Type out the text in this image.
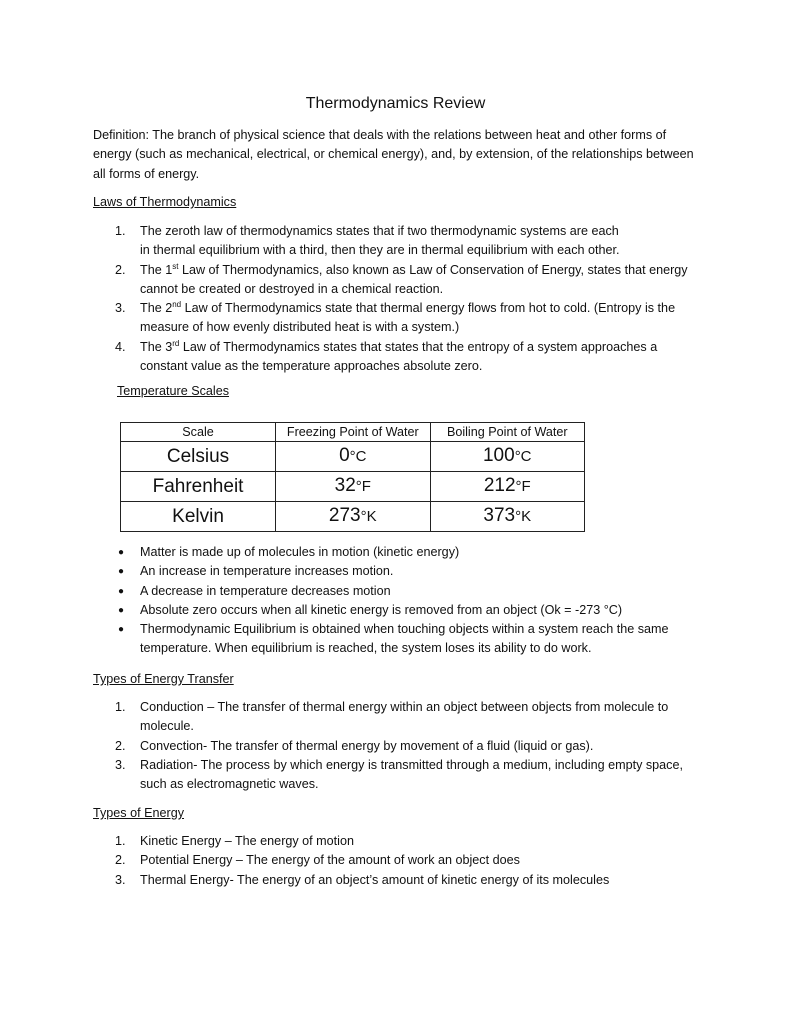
Thermodynamics Review
Definition: The branch of physical science that deals with the relations between heat and other forms of energy (such as mechanical, electrical, or chemical energy), and, by extension, of the relationships between all forms of energy.
Laws of Thermodynamics
1. The zeroth law of thermodynamics states that if two thermodynamic systems are each
in thermal equilibrium with a third, then they are in thermal equilibrium with each other.
2. The 1st Law of Thermodynamics, also known as Law of Conservation of Energy, states that energy cannot be created or destroyed in a chemical reaction.
3. The 2nd Law of Thermodynamics state that thermal energy flows from hot to cold. (Entropy is the measure of how evenly distributed heat is with a system.)
4. The 3rd Law of Thermodynamics states that states that the entropy of a system approaches a constant value as the temperature approaches absolute zero.
Temperature Scales
Scale	Freezing Point of Water	Boiling Point of Water
Celsius	0°C	100°C
Fahrenheit	32°F	212°F
Kelvin	273°K	373°K
● Matter is made up of molecules in motion (kinetic energy)
● An increase in temperature increases motion.
● A decrease in temperature decreases motion
● Absolute zero occurs when all kinetic energy is removed from an object (Ok = -273 °C)
● Thermodynamic Equilibrium is obtained when touching objects within a system reach the same temperature. When equilibrium is reached, the system loses its ability to do work.
Types of Energy Transfer
1. Conduction – The transfer of thermal energy within an object between objects from molecule to molecule.
2. Convection- The transfer of thermal energy by movement of a fluid (liquid or gas).
3. Radiation- The process by which energy is transmitted through a medium, including empty space, such as electromagnetic waves.
Types of Energy
1. Kinetic Energy – The energy of motion
2. Potential Energy – The energy of the amount of work an object does
3. Thermal Energy- The energy of an object’s amount of kinetic energy of its molecules
